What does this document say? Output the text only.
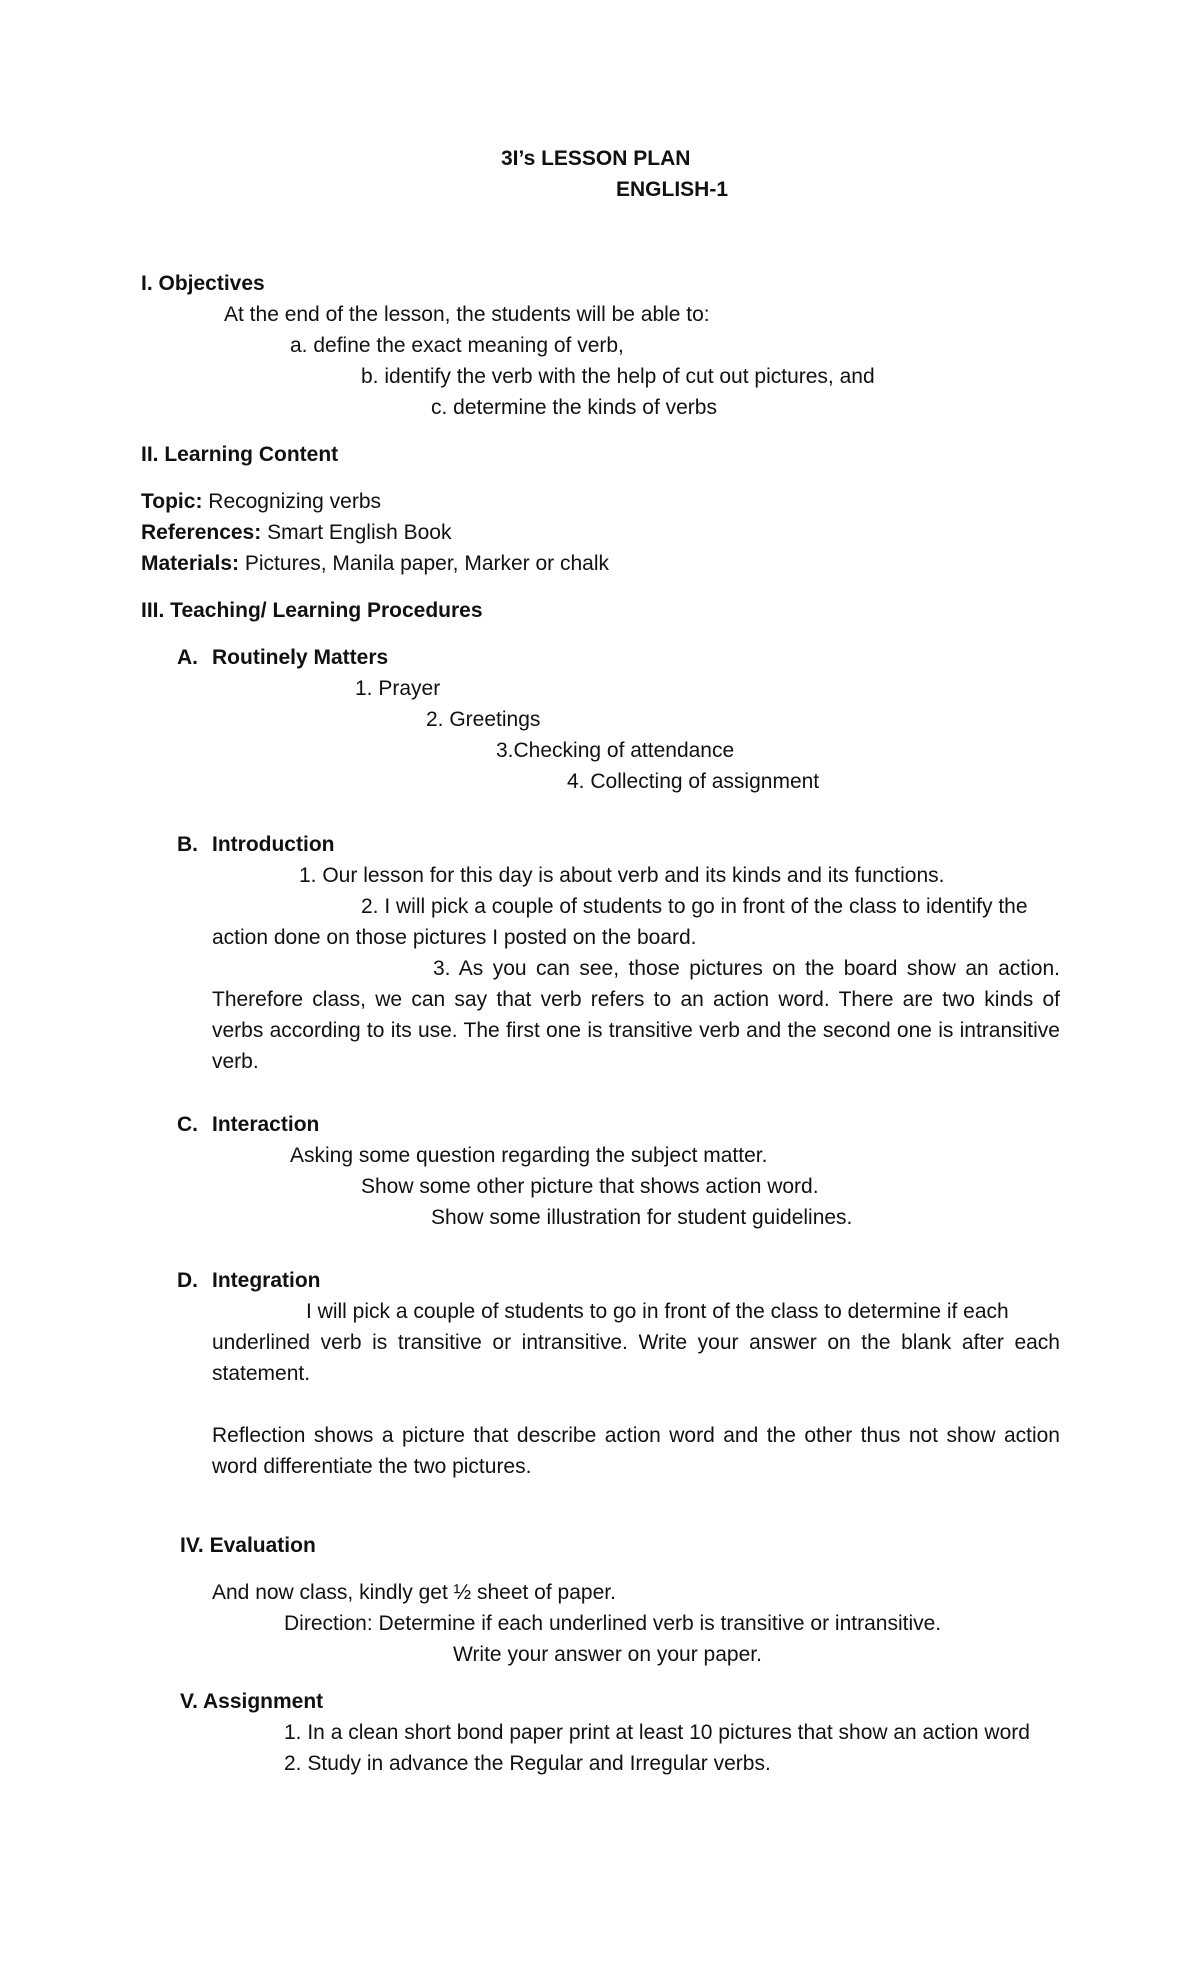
3I’s LESSON PLAN
ENGLISH-1
I. Objectives
At the end of the lesson, the students will be able to:
a. define the exact meaning of verb,
b. identify the verb with the help of cut out pictures, and
c. determine the kinds of verbs
II. Learning Content
Topic: Recognizing verbs
References: Smart English Book
Materials: Pictures, Manila paper, Marker or chalk
III. Teaching/ Learning Procedures
A. Routinely Matters
1. Prayer
2. Greetings
3.Checking of attendance
4. Collecting of assignment
B. Introduction
1. Our lesson for this day is about verb and its kinds and its functions.
2. I will pick a couple of students to go in front of the class to identify the
action done on those pictures I posted on the board.
3. As you can see, those pictures on the board show an action.
Therefore class, we can say that verb refers to an action word. There are two kinds of verbs according to its use. The first one is transitive verb and the second one is intransitive verb.
C. Interaction
Asking some question regarding the subject matter.
Show some other picture that shows action word.
Show some illustration for student guidelines.
D. Integration
I will pick a couple of students to go in front of the class to determine if each
underlined verb is transitive or intransitive. Write your answer on the blank after each statement.
Reflection shows a picture that describe action word and the other thus not show action word differentiate the two pictures.
IV. Evaluation
And now class, kindly get ½ sheet of paper.
Direction: Determine if each underlined verb is transitive or intransitive.
Write your answer on your paper.
V. Assignment
1. In a clean short bond paper print at least 10 pictures that show an action word
2. Study in advance the Regular and Irregular verbs.
